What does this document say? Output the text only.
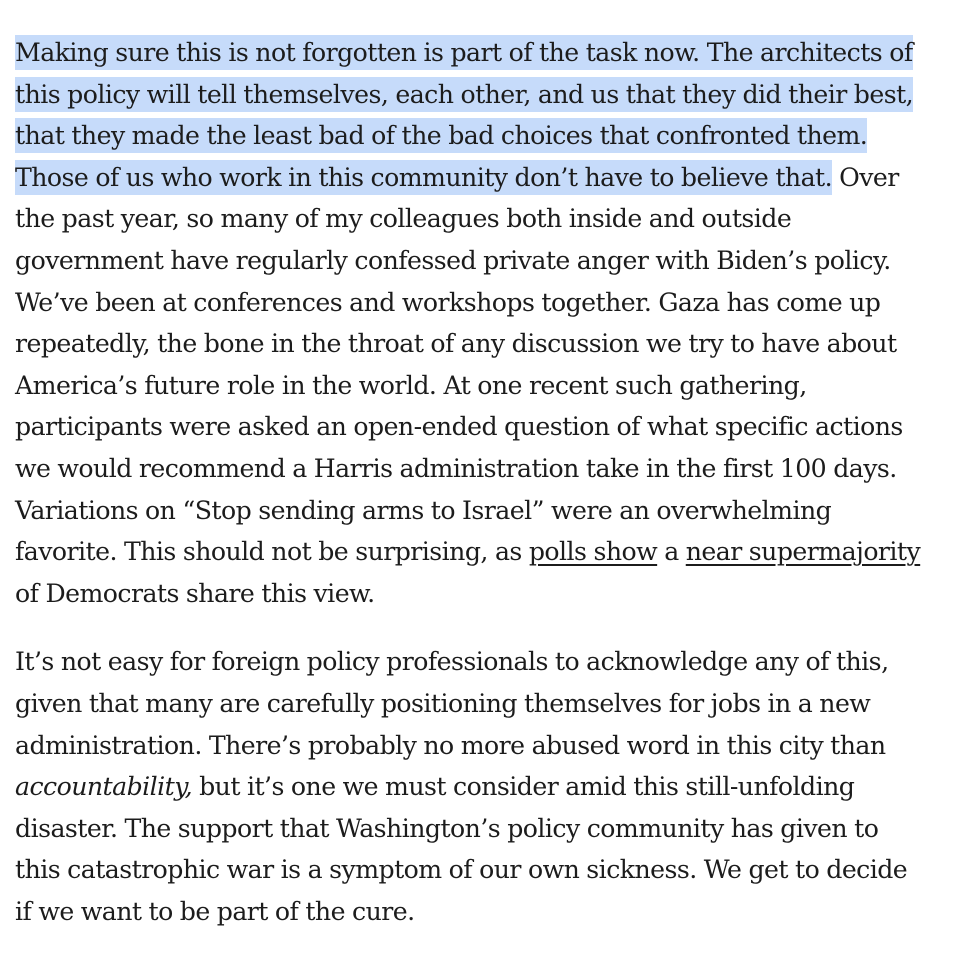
Making sure this is not forgotten is part of the task now. The architects of
this policy will tell themselves, each other, and us that they did their best,
that they made the least bad of the bad choices that confronted them.
Those of us who work in this community don’t have to believe that. Over
the past year, so many of my colleagues both inside and outside
government have regularly confessed private anger with Biden’s policy.
We’ve been at conferences and workshops together. Gaza has come up
repeatedly, the bone in the throat of any discussion we try to have about
America’s future role in the world. At one recent such gathering,
participants were asked an open-ended question of what specific actions
we would recommend a Harris administration take in the first 100 days.
Variations on “Stop sending arms to Israel” were an overwhelming
favorite. This should not be surprising, as polls show a near supermajority
of Democrats share this view.
It’s not easy for foreign policy professionals to acknowledge any of this,
given that many are carefully positioning themselves for jobs in a new
administration. There’s probably no more abused word in this city than
accountability, but it’s one we must consider amid this still-unfolding
disaster. The support that Washington’s policy community has given to
this catastrophic war is a symptom of our own sickness. We get to decide
if we want to be part of the cure.
